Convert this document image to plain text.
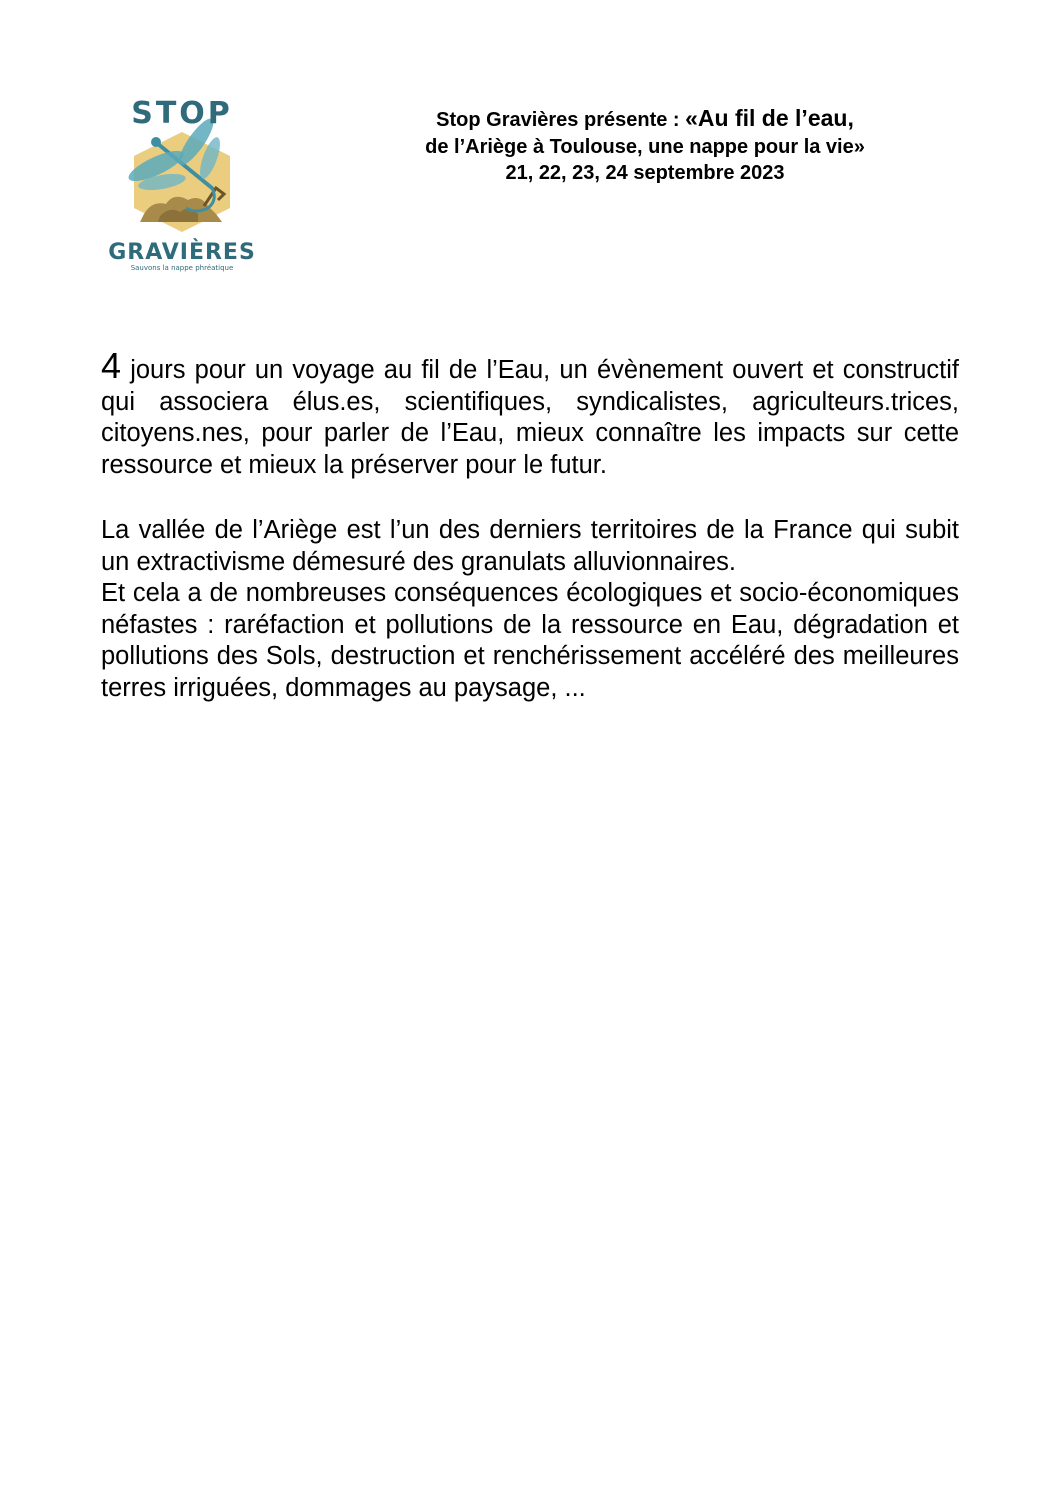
STOP
GRAVIÈRES
Sauvons la nappe phréatique
Stop Gravières présente : «Au fil de l’eau,
de l’Ariège à Toulouse, une nappe pour la vie»
21, 22, 23, 24 septembre 2023

4 jours pour un voyage au fil de l’Eau, un évènement ouvert et constructif qui associera élus.es, scientifiques, syndicalistes, agriculteurs.trices, citoyens.nes, pour parler de l’Eau, mieux connaître les impacts sur cette ressource et mieux la préserver pour le futur.

La vallée de l’Ariège est l’un des derniers territoires de la France qui subit un extractivisme démesuré des granulats alluvionnaires.

Et cela a de nombreuses conséquences écologiques et socio-économiques néfastes : raréfaction et pollutions de la ressource en Eau, dégradation et pollutions des Sols, destruction et renchérissement accéléré des meilleures terres irriguées, dommages au paysage, ...
